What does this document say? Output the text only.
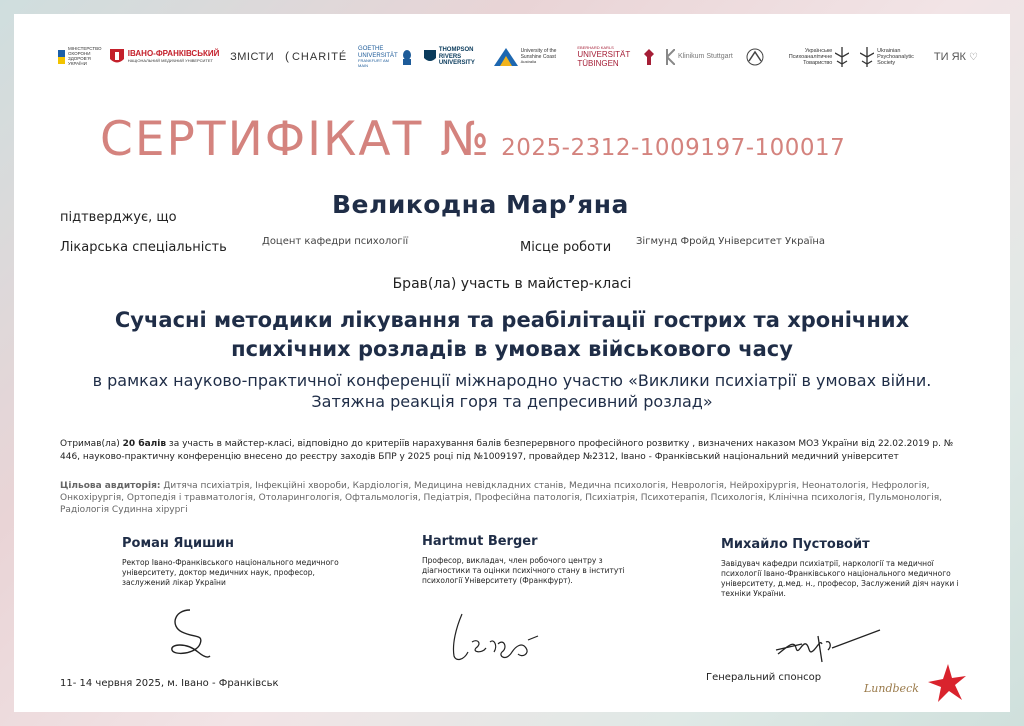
МІНІСТЕРСТВО ОХОРОНИ ЗДОРОВ'Я УКРАЇНИ
ІВАНО-ФРАНКІВСЬКИЙ
НАЦІОНАЛЬНИЙ МЕДИЧНИЙ УНІВЕРСИТЕТ	ЗМІСТИ ( CHARITÉ
GOETHE UNIVERSITÄT
FRANKFURT AM MAIN
THOMPSON RIVERS UNIVERSITY
University of the Sunshine Coast
Australia
EBERHARD KARLS
UNIVERSITÄT TÜBINGEN
Klinikum Stuttgart
Українське Психоаналітичне Товариство
Ukrainian Psychoanalytic Society
ТИ ЯК ♡
СЕРТИФІКАТ № 2025-2312-1009197-100017
підтверджує, що	Великодна Мар’яна
Лікарська спеціальність	Доцент кафедри психології	Місце роботи Зігмунд Фройд Університет Україна
Брав(ла) участь в майстер-класі
Сучасні методики лікування та реабілітації гострих та хронічних психічних розладів в умовах військового часу
в рамках науково-практичної конференції міжнародно участю «Виклики психіатрії в умовах війни. Затяжна реакція горя та депресивний розлад»
Отримав(ла) 20 балів за участь в майстер-класі, відповідно до критеріїв нарахування балів безперервного професійного розвитку , визначених наказом МОЗ України від 22.02.2019 р. № 446, науково-практичну конференцію внесено до реєстру заходів БПР у 2025 році під №1009197, провайдер №2312, Івано - Франківський національний медичний університет
Цільова авдиторія: Дитяча психіатрія, Інфекційні хвороби, Кардіологія, Медицина невідкладних станів, Медична психологія, Неврологія, Нейрохірургія, Неонатологія, Нефрологія, Онкохірургія, Ортопедія і травматологія, Отоларингологія, Офтальмологія, Педіатрія, Професійна патологія, Психіатрія, Психотерапія, Психологія, Клінічна психологія, Пульмонологія, Радіологія Судинна хірургі
Роман Яцишин
Ректор Івано-Франківського національного медичного університету, доктор медичних наук, професор, заслужений лікар України
Hartmut Berger
Професор, викладач, член робочого центру з діагностики та оцінки психічного стану в інституті психології Університету (Франкфурт).
Михайло Пустовойт
Завідувач кафедри психіатрії, наркології та медичної психології Івано-Франківського національного медичного університету, д.мед. н., професор, Заслужений діяч науки і техніки України.
11- 14 червня 2025, м. Івано - Франківськ
Генеральний спонсор
Lundbeck
